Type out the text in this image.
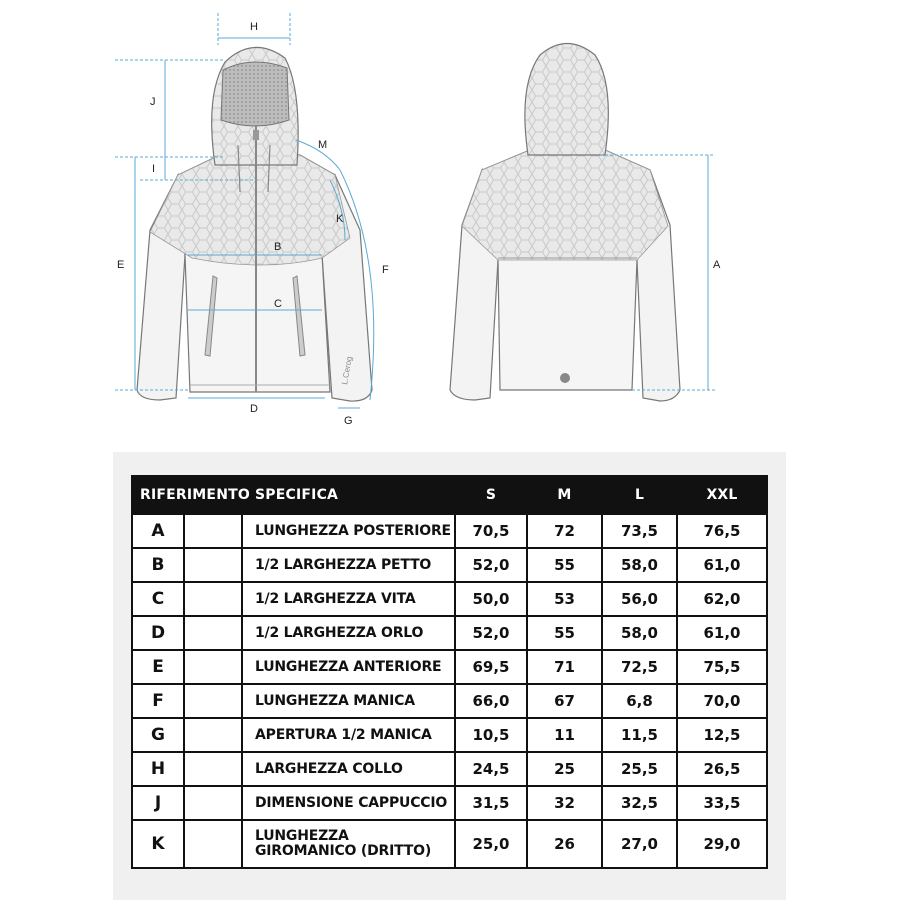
L.Cerog
H
J
M
I
K
E
B
F
C
D
G
A
RIFERIMENTO		SPECIFICA	S	M	L	XXL
A		LUNGHEZZA POSTERIORE	70,5	72	73,5	76,5
B		1/2 LARGHEZZA PETTO	52,0	55	58,0	61,0
C		1/2 LARGHEZZA VITA	50,0	53	56,0	62,0
D		1/2 LARGHEZZA ORLO	52,0	55	58,0	61,0
E		LUNGHEZZA ANTERIORE	69,5	71	72,5	75,5
F		LUNGHEZZA MANICA	66,0	67	6,8	70,0
G		APERTURA 1/2 MANICA	10,5	11	11,5	12,5
H		LARGHEZZA COLLO	24,5	25	25,5	26,5
J		DIMENSIONE CAPPUCCIO	31,5	32	32,5	33,5
K		LUNGHEZZA
GIROMANICO (DRITTO)	25,0	26	27,0	29,0
